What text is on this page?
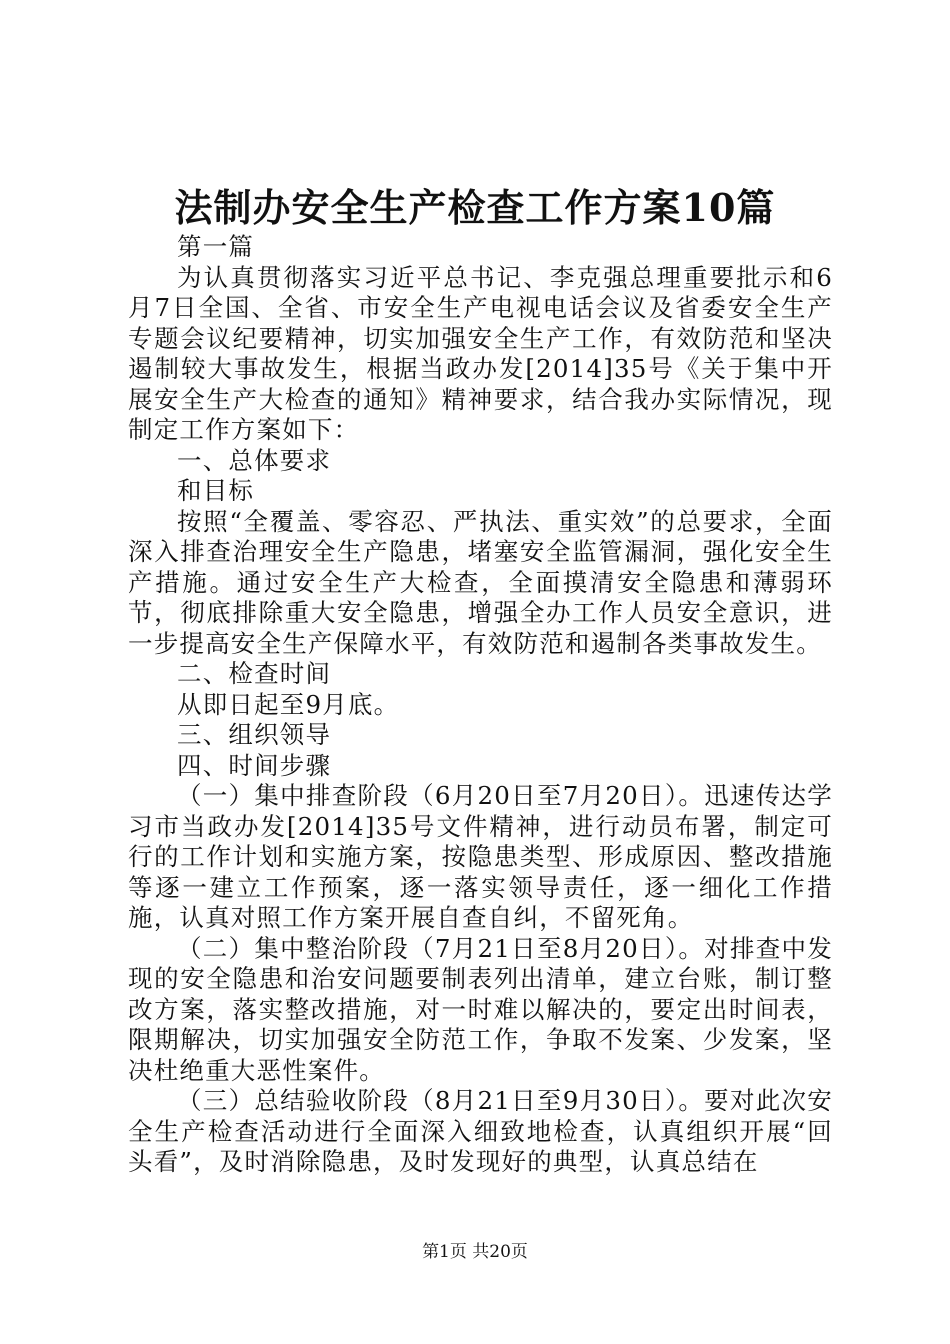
法制办安全生产检查工作方案10篇

第一篇

为认真贯彻落实习近平总书记、李克强总理重要批示和6月7日全国、全省、市安全生产电视电话会议及省委安全生产专题会议纪要精神，切实加强安全生产工作，有效防范和坚决遏制较大事故发生，根据当政办发[2014]35号《关于集中开展安全生产大检查的通知》精神要求，结合我办实际情况，现制定工作方案如下：

一、总体要求

和目标

按照“全覆盖、零容忍、严执法、重实效”的总要求，全面深入排查治理安全生产隐患，堵塞安全监管漏洞，强化安全生产措施。通过安全生产大检查，全面摸清安全隐患和薄弱环节，彻底排除重大安全隐患，增强全办工作人员安全意识，进一步提高安全生产保障水平，有效防范和遏制各类事故发生。

二、检查时间

从即日起至9月底。

三、组织领导

四、时间步骤

（一）集中排查阶段（6月20日至7月20日）。迅速传达学习市当政办发[2014]35号文件精神，进行动员布署，制定可行的工作计划和实施方案，按隐患类型、形成原因、整改措施等逐一建立工作预案，逐一落实领导责任，逐一细化工作措施，认真对照工作方案开展自查自纠，不留死角。

（二）集中整治阶段（7月21日至8月20日）。对排查中发现的安全隐患和治安问题要制表列出清单，建立台账，制订整改方案，落实整改措施，对一时难以解决的，要定出时间表，限期解决，切实加强安全防范工作，争取不发案、少发案，坚决杜绝重大恶性案件。

（三）总结验收阶段（8月21日至9月30日）。要对此次安全生产检查活动进行全面深入细致地检查，认真组织开展“回头看”，及时消除隐患，及时发现好的典型，认真总结在

第1页 共20页
